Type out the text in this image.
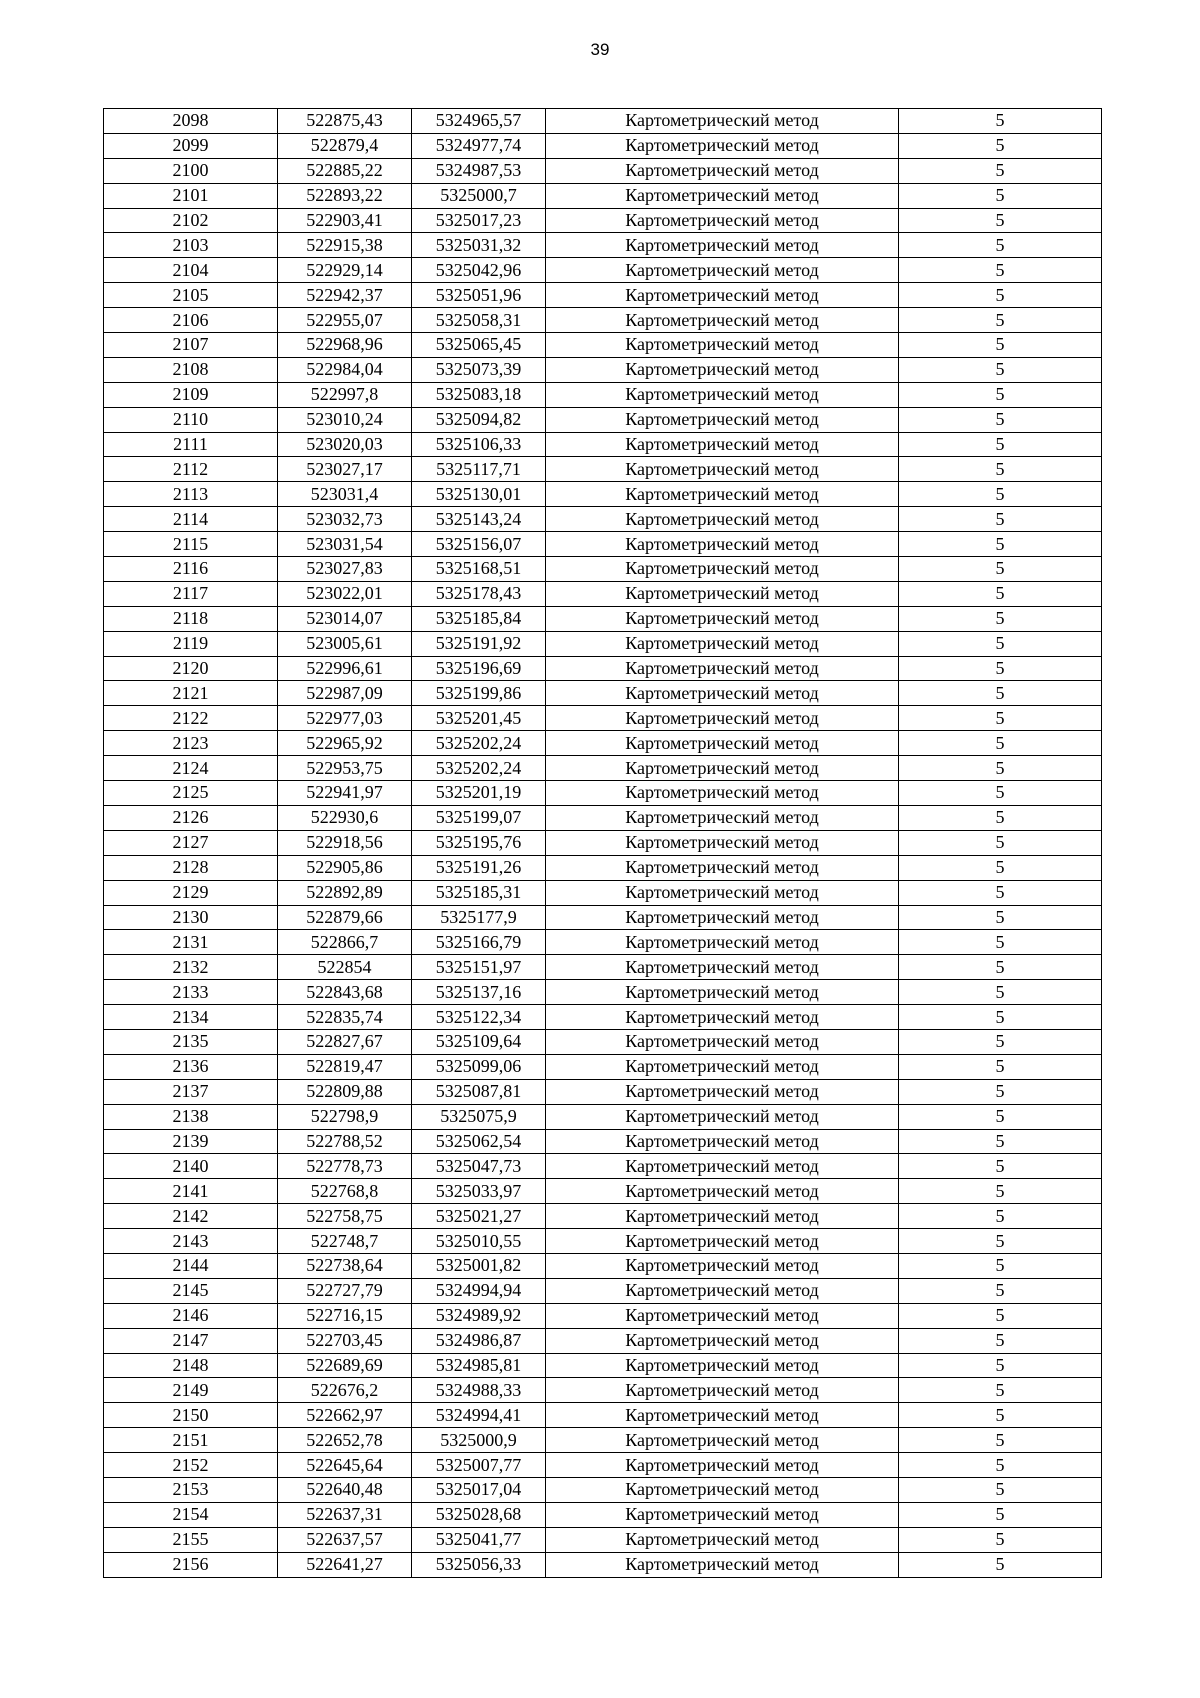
39
2098	522875,43	5324965,57	Картометрический метод	5
2099	522879,4	5324977,74	Картометрический метод	5
2100	522885,22	5324987,53	Картометрический метод	5
2101	522893,22	5325000,7	Картометрический метод	5
2102	522903,41	5325017,23	Картометрический метод	5
2103	522915,38	5325031,32	Картометрический метод	5
2104	522929,14	5325042,96	Картометрический метод	5
2105	522942,37	5325051,96	Картометрический метод	5
2106	522955,07	5325058,31	Картометрический метод	5
2107	522968,96	5325065,45	Картометрический метод	5
2108	522984,04	5325073,39	Картометрический метод	5
2109	522997,8	5325083,18	Картометрический метод	5
2110	523010,24	5325094,82	Картометрический метод	5
2111	523020,03	5325106,33	Картометрический метод	5
2112	523027,17	5325117,71	Картометрический метод	5
2113	523031,4	5325130,01	Картометрический метод	5
2114	523032,73	5325143,24	Картометрический метод	5
2115	523031,54	5325156,07	Картометрический метод	5
2116	523027,83	5325168,51	Картометрический метод	5
2117	523022,01	5325178,43	Картометрический метод	5
2118	523014,07	5325185,84	Картометрический метод	5
2119	523005,61	5325191,92	Картометрический метод	5
2120	522996,61	5325196,69	Картометрический метод	5
2121	522987,09	5325199,86	Картометрический метод	5
2122	522977,03	5325201,45	Картометрический метод	5
2123	522965,92	5325202,24	Картометрический метод	5
2124	522953,75	5325202,24	Картометрический метод	5
2125	522941,97	5325201,19	Картометрический метод	5
2126	522930,6	5325199,07	Картометрический метод	5
2127	522918,56	5325195,76	Картометрический метод	5
2128	522905,86	5325191,26	Картометрический метод	5
2129	522892,89	5325185,31	Картометрический метод	5
2130	522879,66	5325177,9	Картометрический метод	5
2131	522866,7	5325166,79	Картометрический метод	5
2132	522854	5325151,97	Картометрический метод	5
2133	522843,68	5325137,16	Картометрический метод	5
2134	522835,74	5325122,34	Картометрический метод	5
2135	522827,67	5325109,64	Картометрический метод	5
2136	522819,47	5325099,06	Картометрический метод	5
2137	522809,88	5325087,81	Картометрический метод	5
2138	522798,9	5325075,9	Картометрический метод	5
2139	522788,52	5325062,54	Картометрический метод	5
2140	522778,73	5325047,73	Картометрический метод	5
2141	522768,8	5325033,97	Картометрический метод	5
2142	522758,75	5325021,27	Картометрический метод	5
2143	522748,7	5325010,55	Картометрический метод	5
2144	522738,64	5325001,82	Картометрический метод	5
2145	522727,79	5324994,94	Картометрический метод	5
2146	522716,15	5324989,92	Картометрический метод	5
2147	522703,45	5324986,87	Картометрический метод	5
2148	522689,69	5324985,81	Картометрический метод	5
2149	522676,2	5324988,33	Картометрический метод	5
2150	522662,97	5324994,41	Картометрический метод	5
2151	522652,78	5325000,9	Картометрический метод	5
2152	522645,64	5325007,77	Картометрический метод	5
2153	522640,48	5325017,04	Картометрический метод	5
2154	522637,31	5325028,68	Картометрический метод	5
2155	522637,57	5325041,77	Картометрический метод	5
2156	522641,27	5325056,33	Картометрический метод	5
